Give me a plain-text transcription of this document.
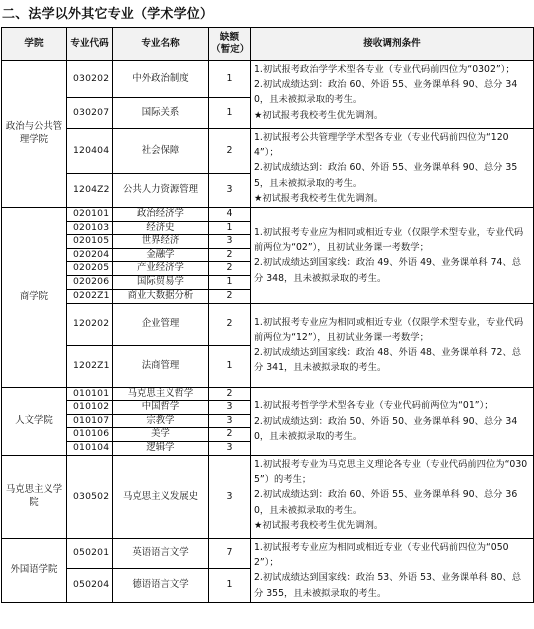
二、法学以外其它专业（学术学位）
学院	专业代码	专业名称	缺额（暂定）	接收调剂条件
政治与公共管理学院	030202	中外政治制度	1	1.初试报考政治学学术型各专业（专业代码前四位为“0302”）；

2.初试成绩达到：政治 60、外语 55、业务课单科 90、总分 340，且未被拟录取的考生。

★初试报考我校考生优先调剂。

	030207	国际关系	1	
	120404	社会保障	2	1.初试报考公共管理学学术型各专业（专业代码前四位为“1204”）；

2.初试成绩达到：政治 60、外语 55、业务课单科 90、总分 355，且未被拟录取的考生。

★初试报考我校考生优先调剂。

	1204Z2	公共人力资源管理	3	
商学院	020101	政治经济学	4	1.初试报考专业应为相同或相近专业（仅限学术型专业，专业代码前两位为“02”），且初试业务课一考数学；

2.初试成绩达到国家线：政治 49、外语 49、业务课单科 74、总分 348，且未被拟录取的考生。

	020103	经济史	1	
	020105	世界经济	3	
	020204	金融学	2	
	020205	产业经济学	2	
	020206	国际贸易学	1	
	0202Z1	商业大数据分析	2	
	120202	企业管理	2	1.初试报考专业应为相同或相近专业（仅限学术型专业，专业代码前两位为“12”），且初试业务课一考数学；

2.初试成绩达到国家线：政治 48、外语 48、业务课单科 72、总分 341，且未被拟录取的考生。

	1202Z1	法商管理	1	
人文学院	010101	马克思主义哲学	2	1.初试报考哲学学术型各专业（专业代码前两位为“01”）；

2.初试成绩达到：政治 50、外语 50、业务课单科 90、总分 340，且未被拟录取的考生。

	010102	中国哲学	3	
	010107	宗教学	3	
	010106	美学	2	
	010104	逻辑学	3	
马克思主义学院	030502	马克思主义发展史	3	1.初试报考专业为马克思主义理论各专业（专业代码前四位为“0305”）的考生；

2.初试成绩达到：政治 60、外语 55、业务课单科 90、总分 360，且未被拟录取的考生。

★初试报考我校考生优先调剂。

外国语学院	050201	英语语言文学	7	1.初试报考专业应为相同或相近专业（专业代码前四位为“0502”）；

2.初试成绩达到国家线：政治 53、外语 53、业务课单科 80、总分 355，且未被拟录取的考生。

	050204	德语语言文学	1	
